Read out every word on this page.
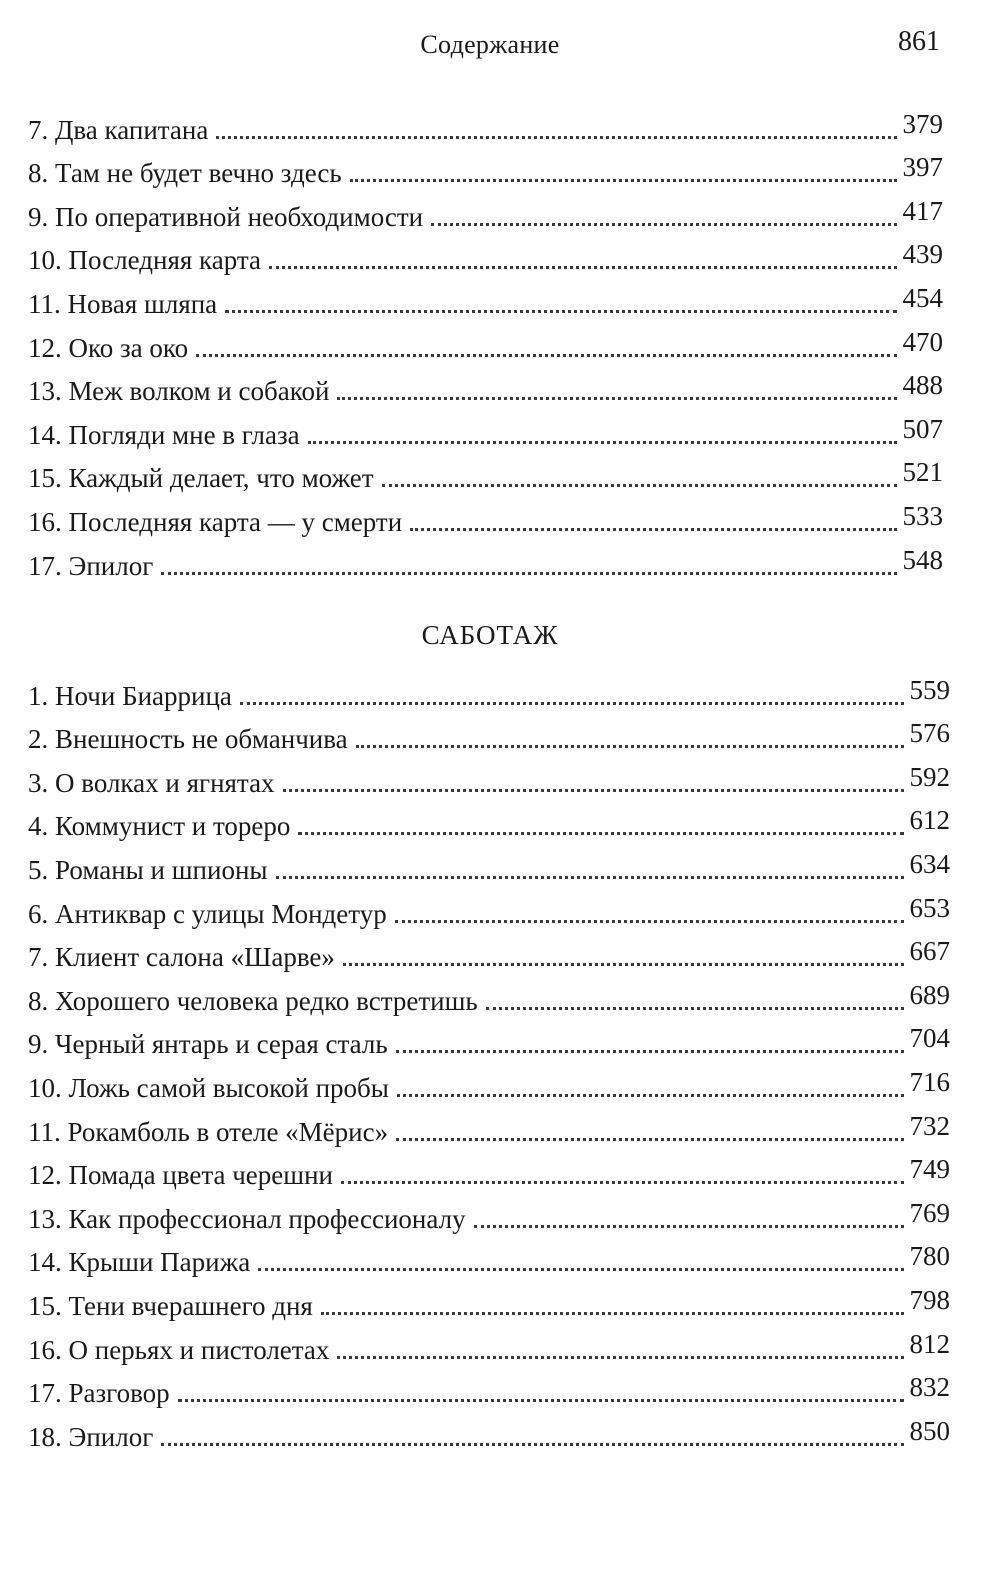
Содержание	861
7. Два капитана	379
8. Там не будет вечно здесь	397
9. По оперативной необходимости	417
10. Последняя карта	439
11. Новая шляпа	454
12. Око за око	470
13. Меж волком и собакой	488
14. Погляди мне в глаза	507
15. Каждый делает, что может	521
16. Последняя карта — у смерти	533
17. Эпилог	548
САБОТАЖ
1. Ночи Биаррица	559
2. Внешность не обманчива	576
3. О волках и ягнятах	592
4. Коммунист и тореро	612
5. Романы и шпионы	634
6. Антиквар с улицы Мондетур	653
7. Клиент салона «Шарве»	667
8. Хорошего человека редко встретишь	689
9. Черный янтарь и серая сталь	704
10. Ложь самой высокой пробы	716
11. Рокамболь в отеле «Мёрис»	732
12. Помада цвета черешни	749
13. Как профессионал профессионалу	769
14. Крыши Парижа	780
15. Тени вчерашнего дня	798
16. О перьях и пистолетах	812
17. Разговор	832
18. Эпилог	850
